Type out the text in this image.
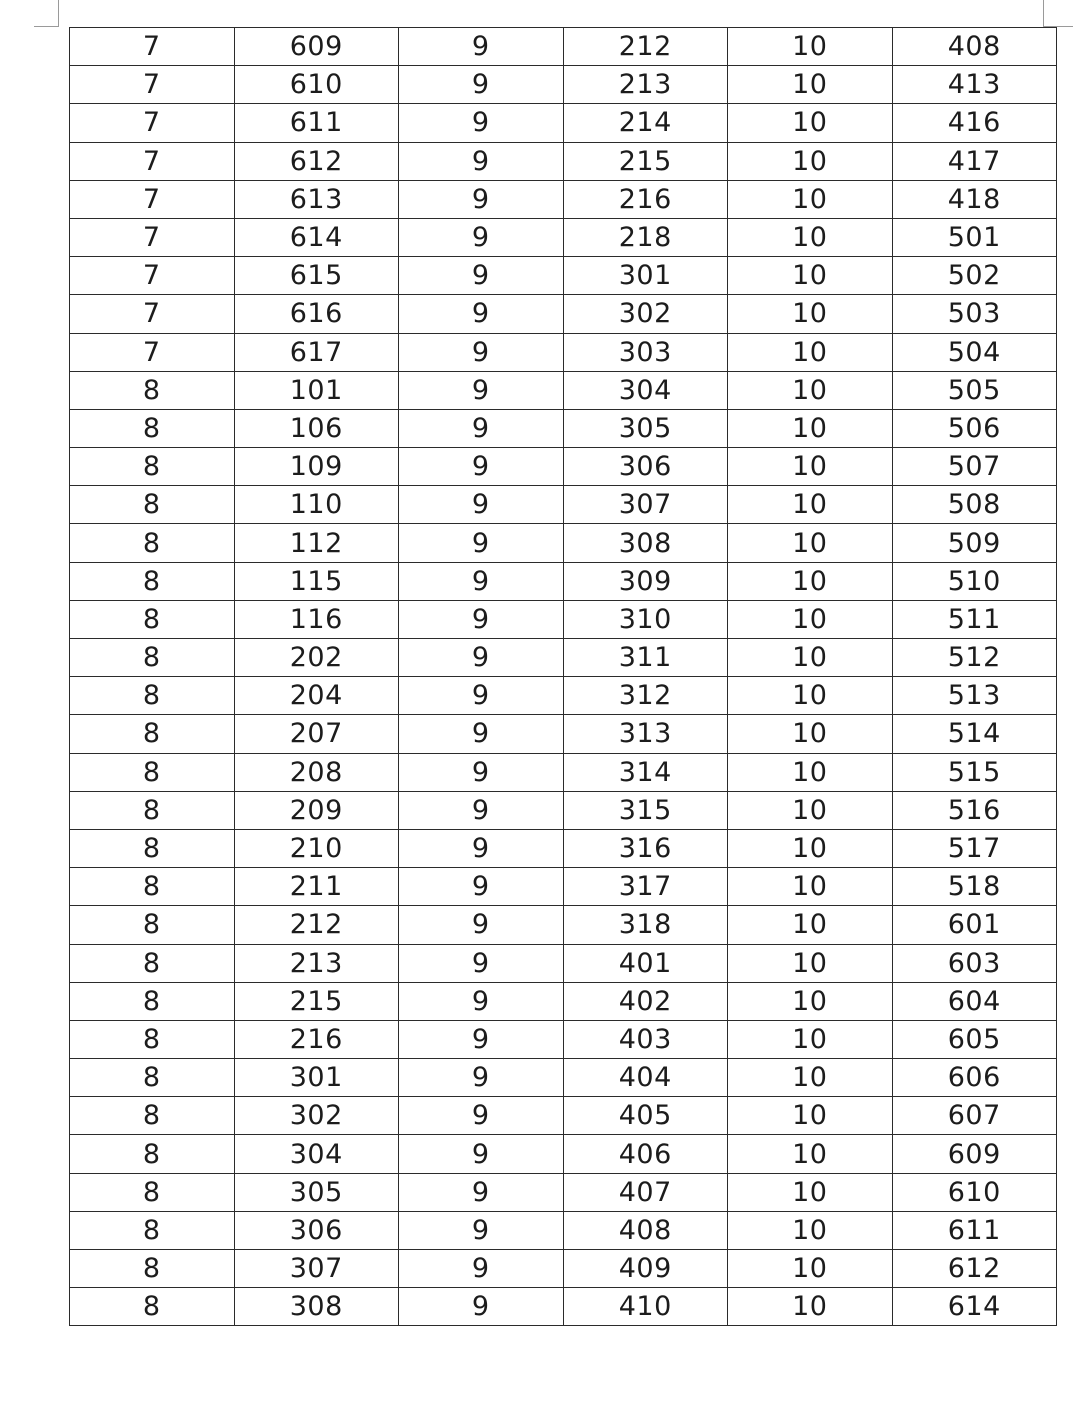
7	609	9	212	10	408
7	610	9	213	10	413
7	611	9	214	10	416
7	612	9	215	10	417
7	613	9	216	10	418
7	614	9	218	10	501
7	615	9	301	10	502
7	616	9	302	10	503
7	617	9	303	10	504
8	101	9	304	10	505
8	106	9	305	10	506
8	109	9	306	10	507
8	110	9	307	10	508
8	112	9	308	10	509
8	115	9	309	10	510
8	116	9	310	10	511
8	202	9	311	10	512
8	204	9	312	10	513
8	207	9	313	10	514
8	208	9	314	10	515
8	209	9	315	10	516
8	210	9	316	10	517
8	211	9	317	10	518
8	212	9	318	10	601
8	213	9	401	10	603
8	215	9	402	10	604
8	216	9	403	10	605
8	301	9	404	10	606
8	302	9	405	10	607
8	304	9	406	10	609
8	305	9	407	10	610
8	306	9	408	10	611
8	307	9	409	10	612
8	308	9	410	10	614
